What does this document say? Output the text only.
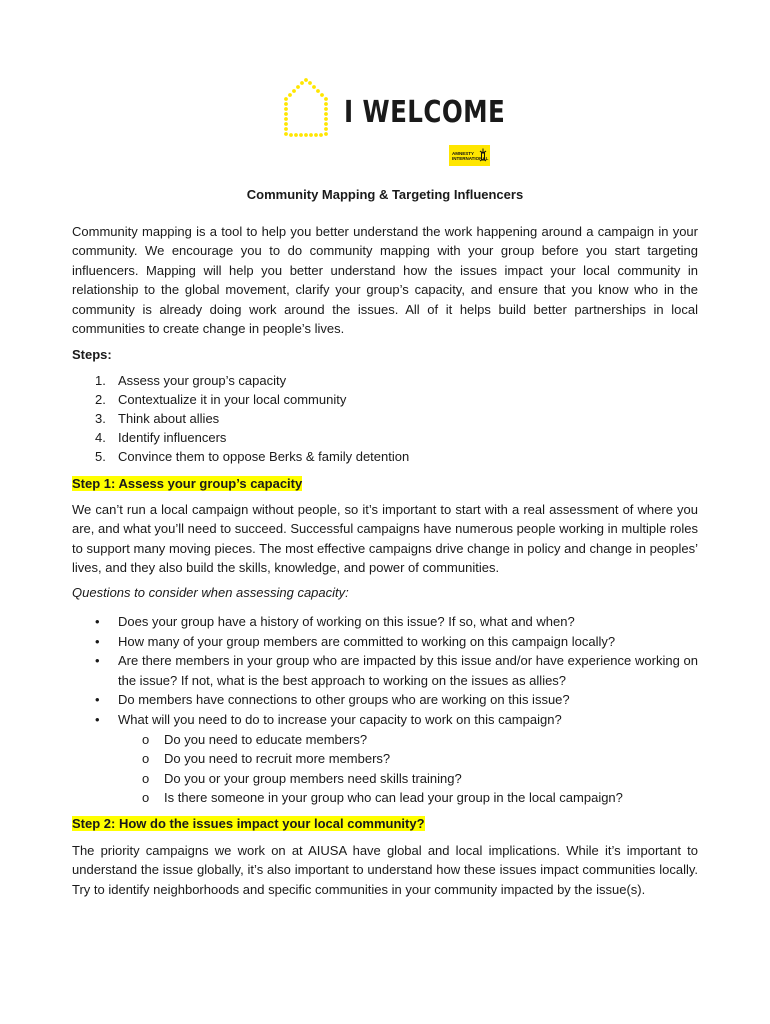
I WELCOME
AMNESTY INTERNATIONAL
Community Mapping & Targeting Influencers
Community mapping is a tool to help you better understand the work happening around a campaign in your community. We encourage you to do community mapping with your group before you start targeting influencers. Mapping will help you better understand how the issues impact your local community in relationship to the global movement, clarify your group’s capacity, and ensure that you know who in the community is already doing work around the issues. All of it helps build better partnerships in local communities to create change in people’s lives.
Steps:
1. Assess your group’s capacity
2. Contextualize it in your local community
3. Think about allies
4. Identify influencers
5. Convince them to oppose Berks & family detention
Step 1: Assess your group’s capacity
We can’t run a local campaign without people, so it’s important to start with a real assessment of where you are, and what you’ll need to succeed. Successful campaigns have numerous people working in multiple roles to support many moving pieces. The most effective campaigns drive change in policy and change in peoples’ lives, and they also build the skills, knowledge, and power of communities.
Questions to consider when assessing capacity:
• Does your group have a history of working on this issue? If so, what and when?
• How many of your group members are committed to working on this campaign locally?
• Are there members in your group who are impacted by this issue and/or have experience working on the issue? If not, what is the best approach to working on the issues as allies?
• Do members have connections to other groups who are working on this issue?
• What will you need to do to increase your capacity to work on this campaign?
o Do you need to educate members?
o Do you need to recruit more members?
o Do you or your group members need skills training?
o Is there someone in your group who can lead your group in the local campaign?
Step 2: How do the issues impact your local community?
The priority campaigns we work on at AIUSA have global and local implications. While it’s important to understand the issue globally, it’s also important to understand how these issues impact communities locally. Try to identify neighborhoods and specific communities in your community impacted by the issue(s).
